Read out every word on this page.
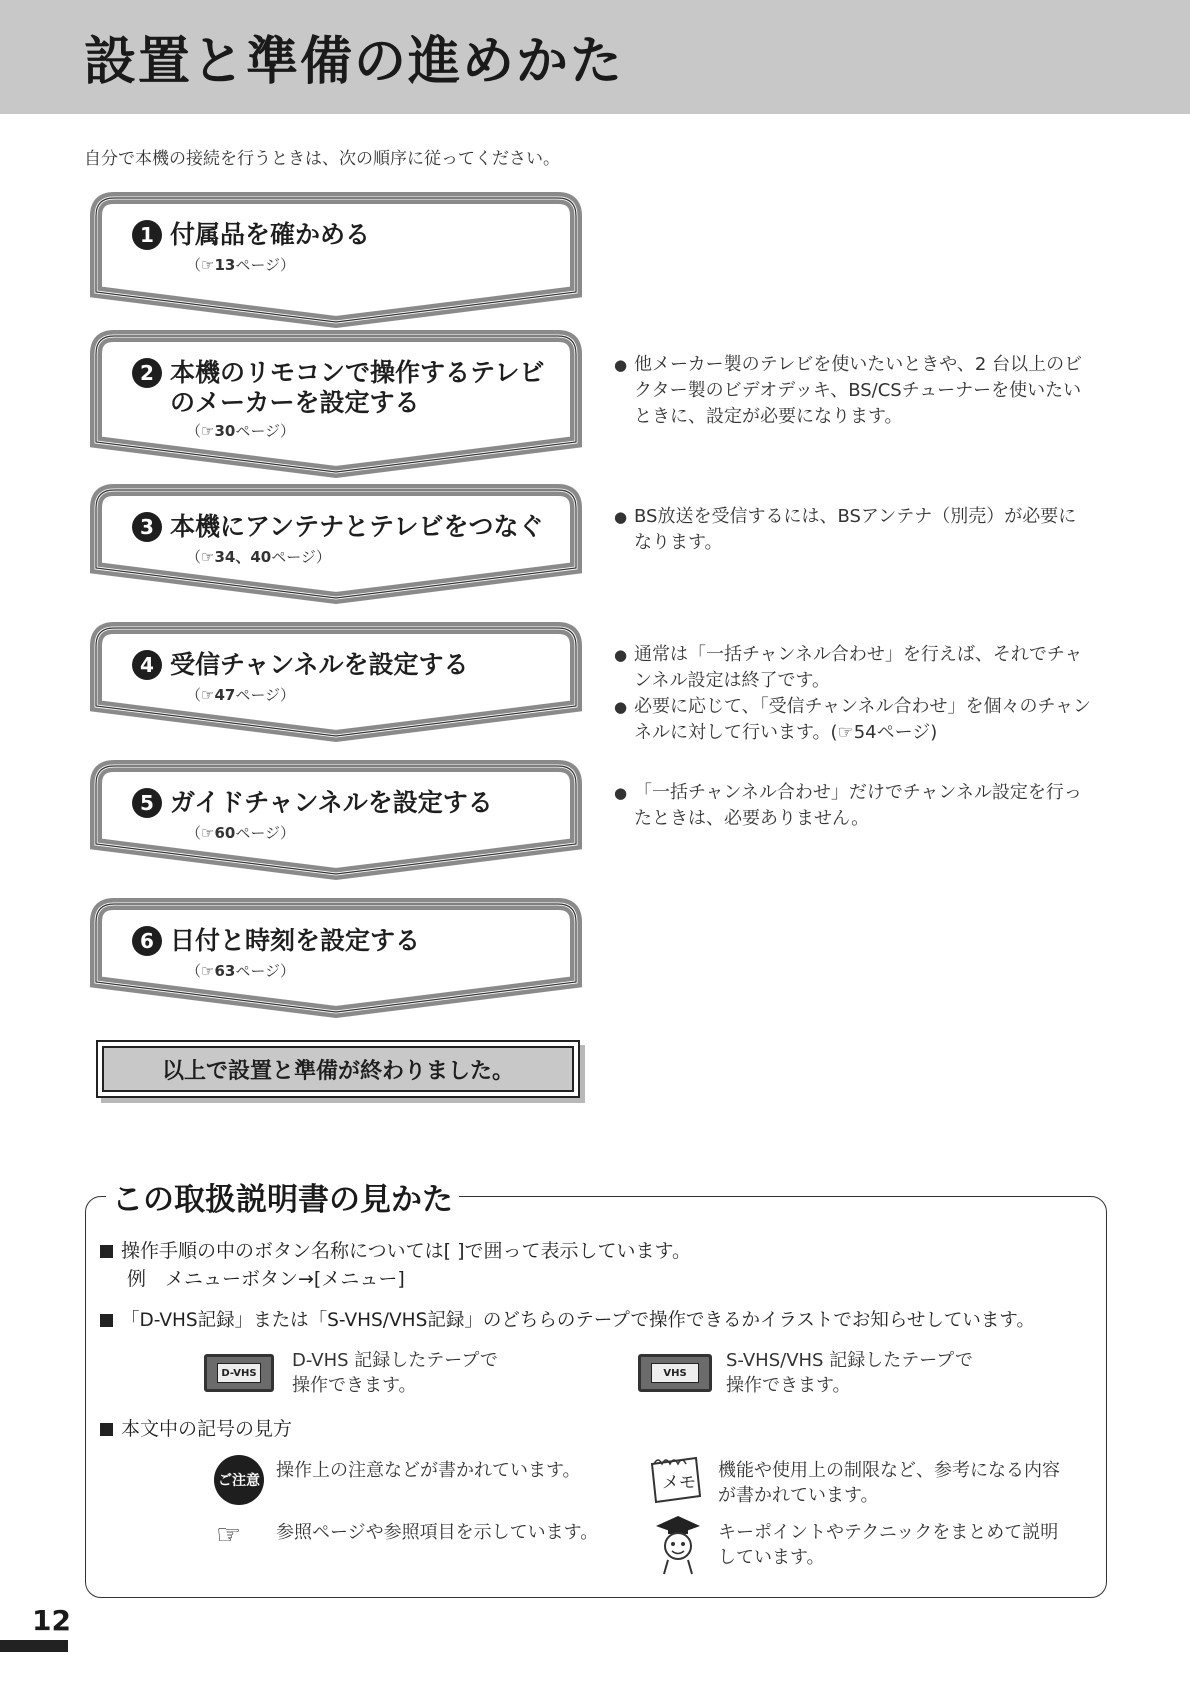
設置と準備の進めかた
自分で本機の接続を行うときは、次の順序に従ってください。
1 付属品を確かめる
（☞13ページ）
2 本機のリモコンで操作するテレビのメーカーを設定する
（☞30ページ）
3 本機にアンテナとテレビをつなぐ
（☞34、40ページ）
4 受信チャンネルを設定する
（☞47ページ）
5 ガイドチャンネルを設定する
（☞60ページ）
6 日付と時刻を設定する
（☞63ページ）

● 他メーカー製のテレビを使いたいときや、2 台以上のビクター製のビデオデッキ、BS/CSチューナーを使いたいときに、設定が必要になります。

● BS放送を受信するには、BSアンテナ（別売）が必要になります。

● 通常は「一括チャンネル合わせ」を行えば、それでチャンネル設定は終了です。

● 必要に応じて、「受信チャンネル合わせ」を個々のチャンネルに対して行います。(☞54ページ)

● 「一括チャンネル合わせ」だけでチャンネル設定を行ったときは、必要ありません。

以上で設置と準備が終わりました。
この取扱説明書の見かた
操作手順の中のボタン名称については[ ]で囲って表示しています。
例　メニューボタン→[メニュー]
「D-VHS記録」または「S-VHS/VHS記録」のどちらのテープで操作できるかイラストでお知らせしています。
D-VHS
D-VHS 記録したテープで
操作できます。
VHS
S-VHS/VHS 記録したテープで
操作できます。
本文中の記号の見方
ご注意 操作上の注意などが書かれています。
メモ
機能や使用上の制限など、参考になる内容
が書かれています。
☞ 参照ページや参照項目を示しています。	キーポイントやテクニックをまとめて説明
しています。
12
